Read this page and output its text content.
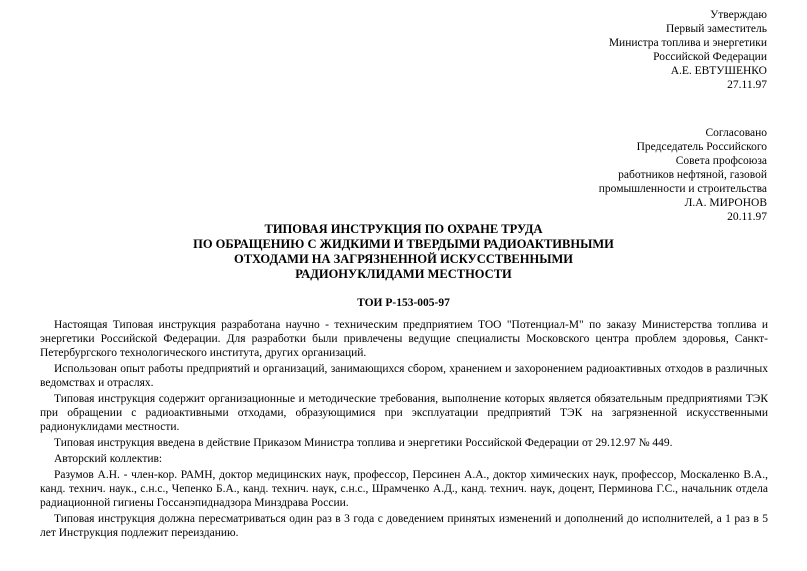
Утверждаю
Первый заместитель
Министра топлива и энергетики
Российской Федерации
А.Е. ЕВТУШЕНКО
27.11.97
Согласовано
Председатель Российского
Совета профсоюза
работников нефтяной, газовой
промышленности и строительства
Л.А. МИРОНОВ
20.11.97
ТИПОВАЯ ИНСТРУКЦИЯ ПО ОХРАНЕ ТРУДА
ПО ОБРАЩЕНИЮ С ЖИДКИМИ И ТВЕРДЫМИ РАДИОАКТИВНЫМИ
ОТХОДАМИ НА ЗАГРЯЗНЕННОЙ ИСКУССТВЕННЫМИ
РАДИОНУКЛИДАМИ МЕСТНОСТИ
ТОИ Р-153-005-97

Настоящая Типовая инструкция разработана научно - техническим предприятием ТОО "Потенциал-М" по заказу Министерства топлива и энергетики Российской Федерации. Для разработки были привлечены ведущие специалисты Московского центра проблем здоровья, Санкт-Петербургского технологического института, других организаций.

Использован опыт работы предприятий и организаций, занимающихся сбором, хранением и захоронением радиоактивных отходов в различных ведомствах и отраслях.

Типовая инструкция содержит организационные и методические требования, выполнение которых является обязательным предприятиями ТЭК при обращении с радиоактивными отходами, образующимися при эксплуатации предприятий ТЭК на загрязненной искусственными радионуклидами местности.

Типовая инструкция введена в действие Приказом Министра топлива и энергетики Российской Федерации от 29.12.97 № 449.

Авторский коллектив:

Разумов А.Н. - член-кор. РАМН, доктор медицинских наук, профессор, Персинен А.А., доктор химических наук, профессор, Москаленко В.А., канд. технич. наук., с.н.с., Чепенко Б.А., канд. технич. наук, с.н.с., Шрамченко А.Д., канд. технич. наук, доцент, Перминова Г.С., начальник отдела радиационной гигиены Госсанэпиднадзора Минздрава России.

Типовая инструкция должна пересматриваться один раз в 3 года с доведением принятых изменений и дополнений до исполнителей, а 1 раз в 5 лет Инструкция подлежит переизданию.
